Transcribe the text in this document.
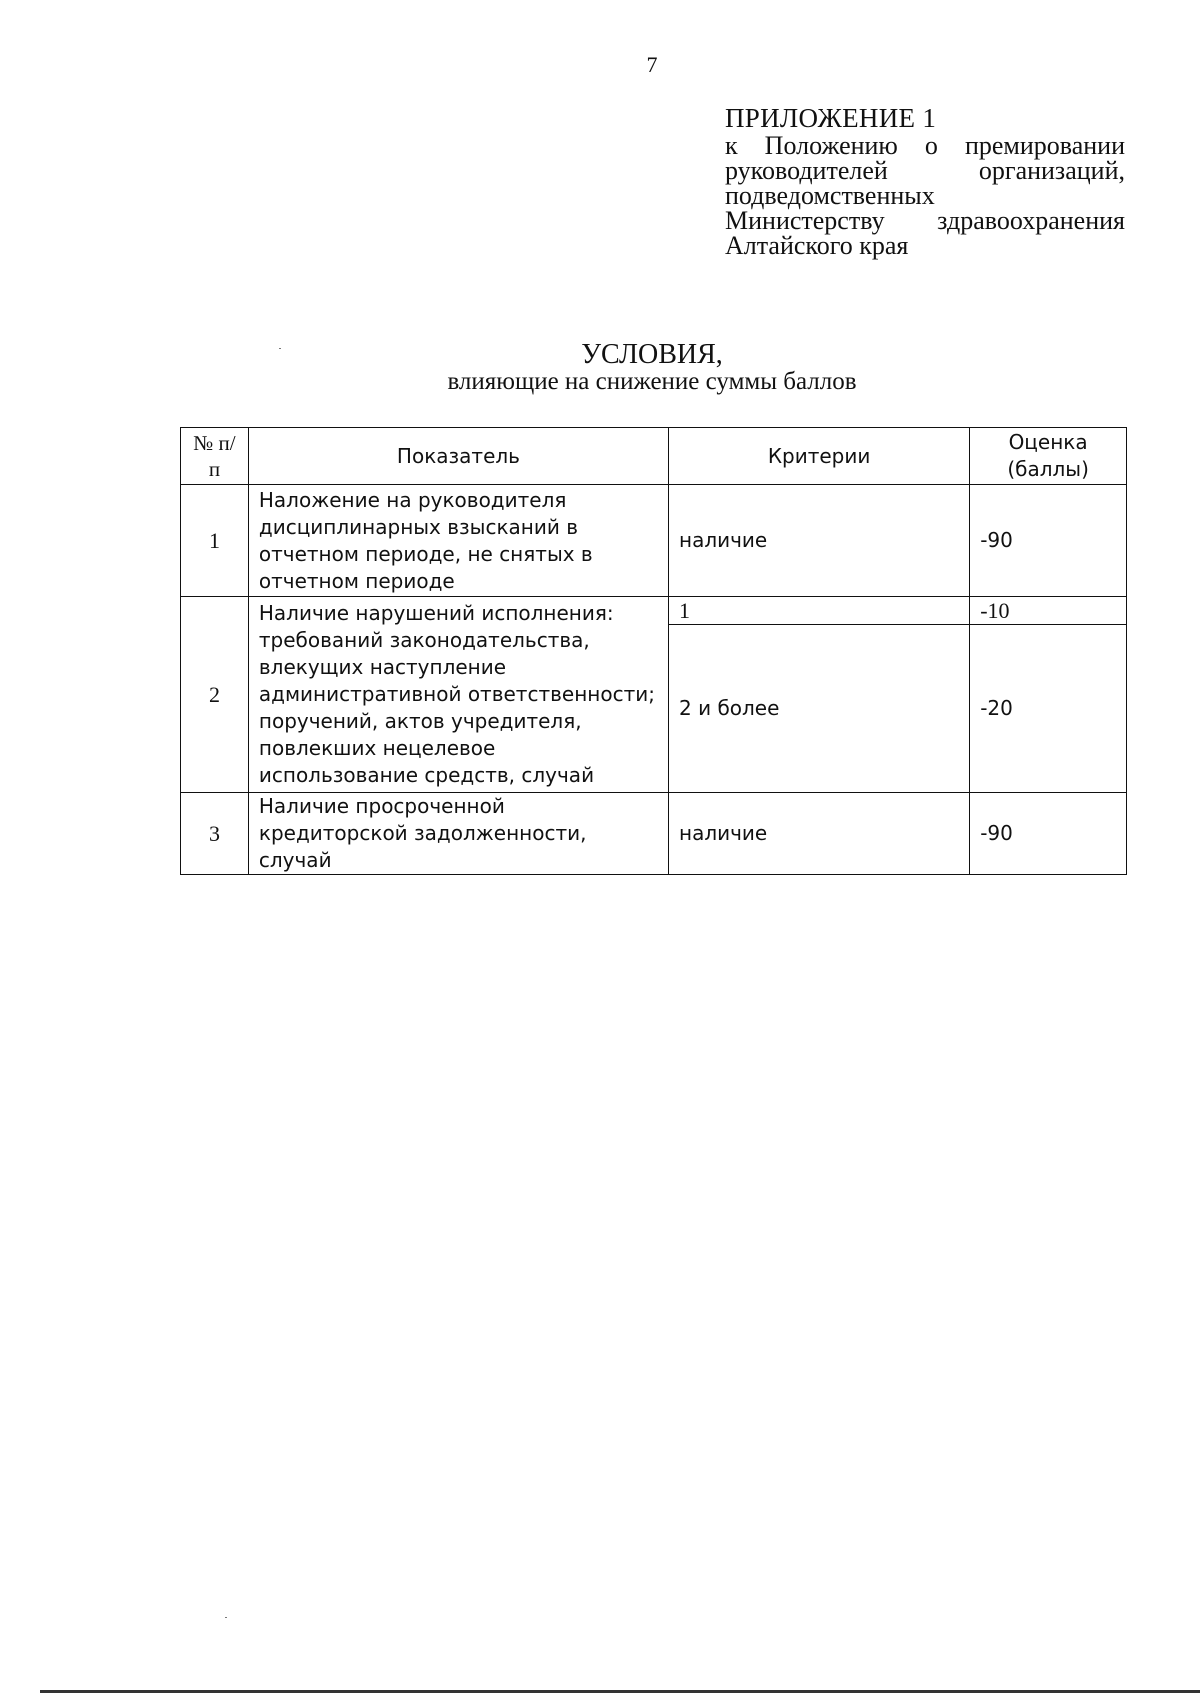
7
ПРИЛОЖЕНИЕ 1
к Положению о премировании
руководителей организаций,
подведомственных
Министерству здравоохранения
Алтайского края
УСЛОВИЯ,
влияющие на снижение суммы баллов
№ п/п	Показатель	Критерии	Оценка (баллы)
1	Наложение на руководителя дисциплинарных взысканий в отчетном периоде, не снятых в отчетном периоде	наличие	-90
2	Наличие нарушений исполнения: требований законодательства, влекущих наступление административной ответственности; поручений, актов учредителя, повлекших нецелевое использование средств, случай	1	-10
		2 и более	-20
3	Наличие просроченной кредиторской задолженности, случай	наличие	-90
